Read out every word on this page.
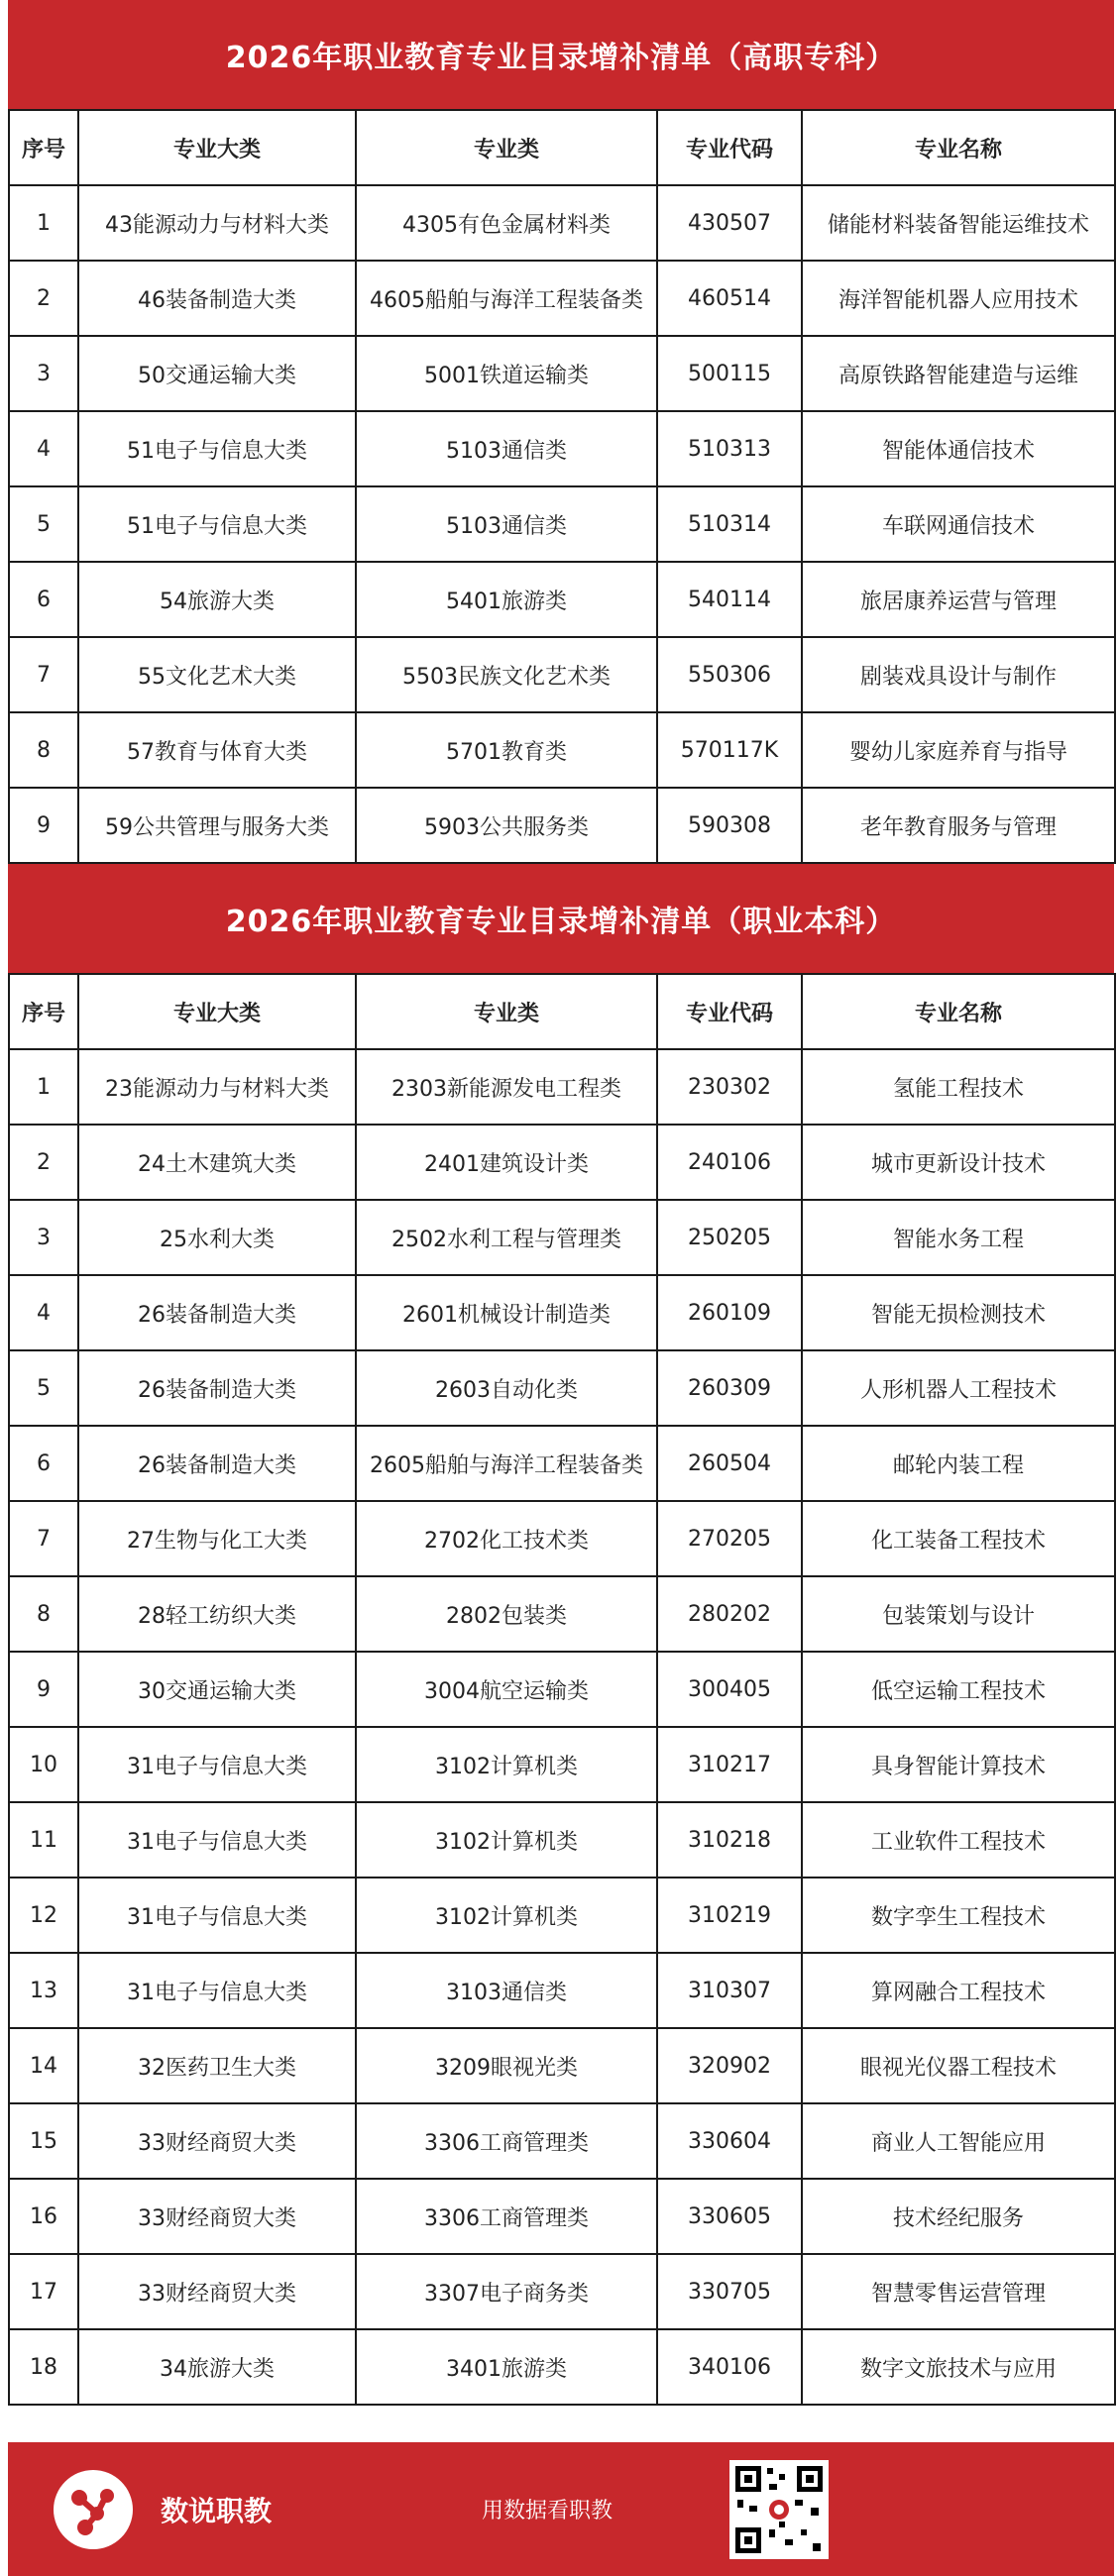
2026年职业教育专业目录增补清单（高职专科）
序号	专业大类	专业类	专业代码	专业名称
1	43能源动力与材料大类	4305有色金属材料类	430507	储能材料装备智能运维技术
2	46装备制造大类	4605船舶与海洋工程装备类	460514	海洋智能机器人应用技术
3	50交通运输大类	5001铁道运输类	500115	高原铁路智能建造与运维
4	51电子与信息大类	5103通信类	510313	智能体通信技术
5	51电子与信息大类	5103通信类	510314	车联网通信技术
6	54旅游大类	5401旅游类	540114	旅居康养运营与管理
7	55文化艺术大类	5503民族文化艺术类	550306	剧装戏具设计与制作
8	57教育与体育大类	5701教育类	570117K	婴幼儿家庭养育与指导
9	59公共管理与服务大类	5903公共服务类	590308	老年教育服务与管理
2026年职业教育专业目录增补清单（职业本科）
序号	专业大类	专业类	专业代码	专业名称
1	23能源动力与材料大类	2303新能源发电工程类	230302	氢能工程技术
2	24土木建筑大类	2401建筑设计类	240106	城市更新设计技术
3	25水利大类	2502水利工程与管理类	250205	智能水务工程
4	26装备制造大类	2601机械设计制造类	260109	智能无损检测技术
5	26装备制造大类	2603自动化类	260309	人形机器人工程技术
6	26装备制造大类	2605船舶与海洋工程装备类	260504	邮轮内装工程
7	27生物与化工大类	2702化工技术类	270205	化工装备工程技术
8	28轻工纺织大类	2802包装类	280202	包装策划与设计
9	30交通运输大类	3004航空运输类	300405	低空运输工程技术
10	31电子与信息大类	3102计算机类	310217	具身智能计算技术
11	31电子与信息大类	3102计算机类	310218	工业软件工程技术
12	31电子与信息大类	3102计算机类	310219	数字孪生工程技术
13	31电子与信息大类	3103通信类	310307	算网融合工程技术
14	32医药卫生大类	3209眼视光类	320902	眼视光仪器工程技术
15	33财经商贸大类	3306工商管理类	330604	商业人工智能应用
16	33财经商贸大类	3306工商管理类	330605	技术经纪服务
17	33财经商贸大类	3307电子商务类	330705	智慧零售运营管理
18	34旅游大类	3401旅游类	340106	数字文旅技术与应用
数说职教	用数据看职教
